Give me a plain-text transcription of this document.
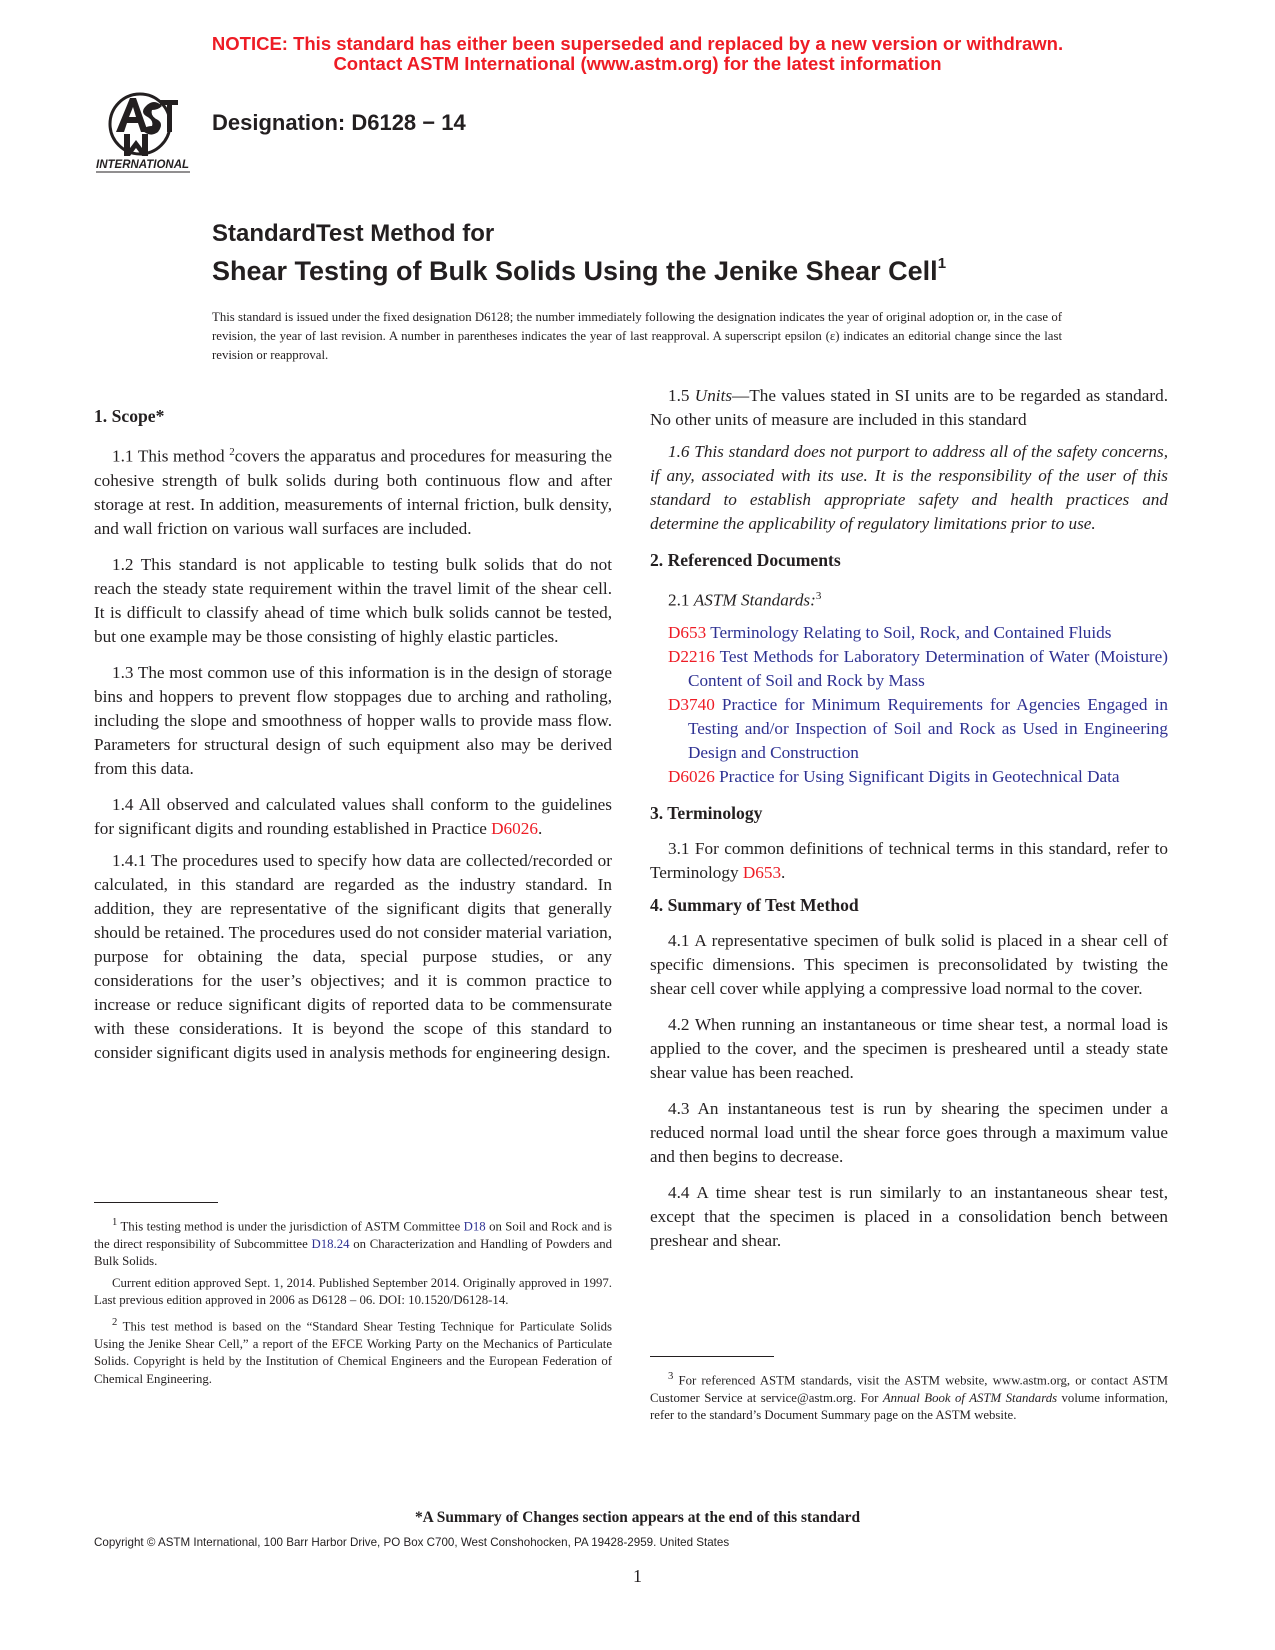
NOTICE: This standard has either been superseded and replaced by a new version or withdrawn.
Contact ASTM International (www.astm.org) for the latest information
INTERNATIONAL
Designation: D6128 − 14
StandardTest Method for
Shear Testing of Bulk Solids Using the Jenike Shear Cell$^1$
This standard is issued under the fixed designation D6128; the number immediately following the designation indicates the year of original adoption or, in the case of revision, the year of last revision. A number in parentheses indicates the year of last reapproval. A superscript epsilon (ε) indicates an editorial change since the last revision or reapproval.
1. Scope*

1.1 This method $^2$covers the apparatus and procedures for measuring the cohesive strength of bulk solids during both continuous flow and after storage at rest. In addition, measurements of internal friction, bulk density, and wall friction on various wall surfaces are included.

1.2 This standard is not applicable to testing bulk solids that do not reach the steady state requirement within the travel limit of the shear cell. It is difficult to classify ahead of time which bulk solids cannot be tested, but one example may be those consisting of highly elastic particles.

1.3 The most common use of this information is in the design of storage bins and hoppers to prevent flow stoppages due to arching and ratholing, including the slope and smoothness of hopper walls to provide mass flow. Parameters for structural design of such equipment also may be derived from this data.

1.4 All observed and calculated values shall conform to the guidelines for significant digits and rounding established in Practice D6026.

1.4.1 The procedures used to specify how data are collected/recorded or calculated, in this standard are regarded as the industry standard. In addition, they are representative of the significant digits that generally should be retained. The procedures used do not consider material variation, purpose for obtaining the data, special purpose studies, or any considerations for the user’s objectives; and it is common practice to increase or reduce significant digits of reported data to be commensurate with these considerations. It is beyond the scope of this standard to consider significant digits used in analysis methods for engineering design.

$^1$ This testing method is under the jurisdiction of ASTM Committee D18 on Soil and Rock and is the direct responsibility of Subcommittee D18.24 on Characterization and Handling of Powders and Bulk Solids.

Current edition approved Sept. 1, 2014. Published September 2014. Originally approved in 1997. Last previous edition approved in 2006 as D6128 – 06. DOI: 10.1520/D6128-14.

$^2$ This test method is based on the “Standard Shear Testing Technique for Particulate Solids Using the Jenike Shear Cell,” a report of the EFCE Working Party on the Mechanics of Particulate Solids. Copyright is held by the Institution of Chemical Engineers and the European Federation of Chemical Engineering.

1.5 Units—The values stated in SI units are to be regarded as standard. No other units of measure are included in this standard

1.6 This standard does not purport to address all of the safety concerns, if any, associated with its use. It is the responsibility of the user of this standard to establish appropriate safety and health practices and determine the applicability of regulatory limitations prior to use.

2. Referenced Documents

2.1 ASTM Standards:$^3$

D653 Terminology Relating to Soil, Rock, and Contained Fluids
D2216 Test Methods for Laboratory Determination of Water (Moisture) Content of Soil and Rock by Mass
D3740 Practice for Minimum Requirements for Agencies Engaged in Testing and/or Inspection of Soil and Rock as Used in Engineering Design and Construction
D6026 Practice for Using Significant Digits in Geotechnical Data
3. Terminology

3.1 For common definitions of technical terms in this standard, refer to Terminology D653.

4. Summary of Test Method

4.1 A representative specimen of bulk solid is placed in a shear cell of specific dimensions. This specimen is preconsolidated by twisting the shear cell cover while applying a compressive load normal to the cover.

4.2 When running an instantaneous or time shear test, a normal load is applied to the cover, and the specimen is presheared until a steady state shear value has been reached.

4.3 An instantaneous test is run by shearing the specimen under a reduced normal load until the shear force goes through a maximum value and then begins to decrease.

4.4 A time shear test is run similarly to an instantaneous shear test, except that the specimen is placed in a consolidation bench between preshear and shear.

$^3$ For referenced ASTM standards, visit the ASTM website, www.astm.org, or contact ASTM Customer Service at service@astm.org. For Annual Book of ASTM Standards volume information, refer to the standard’s Document Summary page on the ASTM website.

*A Summary of Changes section appears at the end of this standard
Copyright © ASTM International, 100 Barr Harbor Drive, PO Box C700, West Conshohocken, PA 19428-2959. United States
1
